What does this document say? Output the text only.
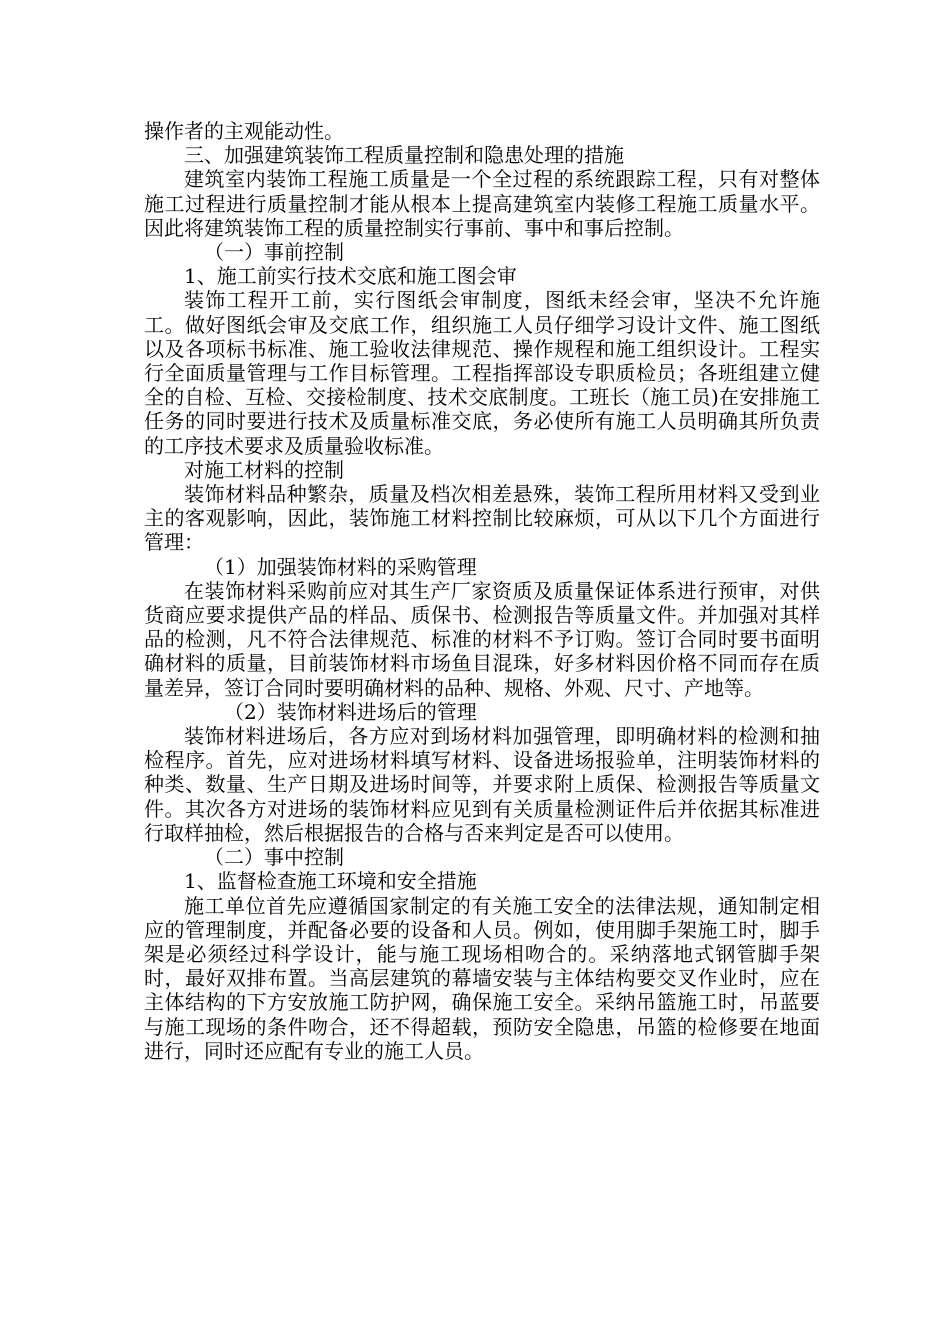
操作者的主观能动性。

三、加强建筑装饰工程质量控制和隐患处理的措施

建筑室内装饰工程施工质量是一个全过程的系统跟踪工程，只有对整体施工过程进行质量控制才能从根本上提高建筑室内装修工程施工质量水平。因此将建筑装饰工程的质量控制实行事前、事中和事后控制。

（一）事前控制

1、施工前实行技术交底和施工图会审

装饰工程开工前，实行图纸会审制度，图纸未经会审，坚决不允许施工。做好图纸会审及交底工作，组织施工人员仔细学习设计文件、施工图纸以及各项标书标准、施工验收法律规范、操作规程和施工组织设计。工程实行全面质量管理与工作目标管理。工程指挥部设专职质检员；各班组建立健全的自检、互检、交接检制度、技术交底制度。工班长（施工员)在安排施工任务的同时要进行技术及质量标准交底，务必使所有施工人员明确其所负责的工序技术要求及质量验收标准。

对施工材料的控制

装饰材料品种繁杂，质量及档次相差悬殊，装饰工程所用材料又受到业主的客观影响，因此，装饰施工材料控制比较麻烦，可从以下几个方面进行管理：

（1）加强装饰材料的采购管理

在装饰材料采购前应对其生产厂家资质及质量保证体系进行预审，对供货商应要求提供产品的样品、质保书、检测报告等质量文件。并加强对其样品的检测，凡不符合法律规范、标准的材料不予订购。签订合同时要书面明确材料的质量，目前装饰材料市场鱼目混珠，好多材料因价格不同而存在质量差异，签订合同时要明确材料的品种、规格、外观、尺寸、产地等。

（2）装饰材料进场后的管理

装饰材料进场后，各方应对到场材料加强管理，即明确材料的检测和抽检程序。首先，应对进场材料填写材料、设备进场报验单，注明装饰材料的种类、数量、生产日期及进场时间等，并要求附上质保、检测报告等质量文件。其次各方对进场的装饰材料应见到有关质量检测证件后并依据其标准进行取样抽检，然后根据报告的合格与否来判定是否可以使用。

（二）事中控制

1、监督检查施工环境和安全措施

施工单位首先应遵循国家制定的有关施工安全的法律法规，通知制定相应的管理制度，并配备必要的设备和人员。例如，使用脚手架施工时，脚手架是必须经过科学设计，能与施工现场相吻合的。采纳落地式钢管脚手架时，最好双排布置。当高层建筑的幕墙安装与主体结构要交叉作业时，应在主体结构的下方安放施工防护网，确保施工安全。采纳吊篮施工时，吊蓝要与施工现场的条件吻合，还不得超载，预防安全隐患，吊篮的检修要在地面进行，同时还应配有专业的施工人员。
